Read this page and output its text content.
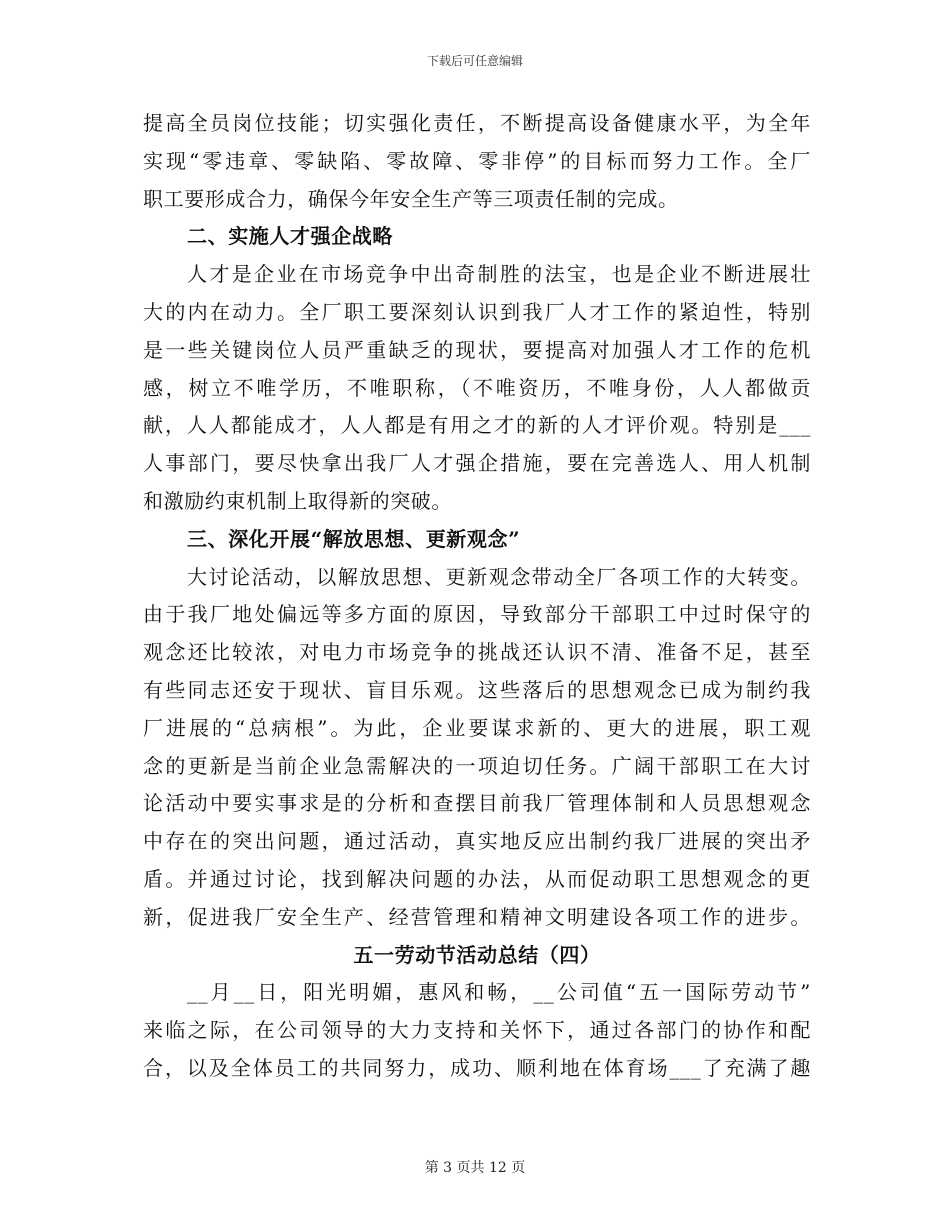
下载后可任意编辑
提高全员岗位技能；切实强化责任，不断提高设备健康水平，为全年
实现“零违章、零缺陷、零故障、零非停”的目标而努力工作。全厂
职工要形成合力，确保今年安全生产等三项责任制的完成。
二、实施人才强企战略
人才是企业在市场竞争中出奇制胜的法宝，也是企业不断进展壮
大的内在动力。全厂职工要深刻认识到我厂人才工作的紧迫性，特别
是一些关键岗位人员严重缺乏的现状，要提高对加强人才工作的危机
感，树立不唯学历，不唯职称，（不唯资历，不唯身份，人人都做贡
献，人人都能成才，人人都是有用之才的新的人才评价观。特别是___
人事部门，要尽快拿出我厂人才强企措施，要在完善选人、用人机制
和激励约束机制上取得新的突破。
三、深化开展“解放思想、更新观念”
大讨论活动，以解放思想、更新观念带动全厂各项工作的大转变。
由于我厂地处偏远等多方面的原因，导致部分干部职工中过时保守的
观念还比较浓，对电力市场竞争的挑战还认识不清、准备不足，甚至
有些同志还安于现状、盲目乐观。这些落后的思想观念已成为制约我
厂进展的“总病根”。为此，企业要谋求新的、更大的进展，职工观
念的更新是当前企业急需解决的一项迫切任务。广阔干部职工在大讨
论活动中要实事求是的分析和查摆目前我厂管理体制和人员思想观念
中存在的突出问题，通过活动，真实地反应出制约我厂进展的突出矛
盾。并通过讨论，找到解决问题的办法，从而促动职工思想观念的更
新，促进我厂安全生产、经营管理和精神文明建设各项工作的进步。
五一劳动节活动总结（四）
__月__日，阳光明媚，惠风和畅，__公司值“五一国际劳动节”
来临之际，在公司领导的大力支持和关怀下，通过各部门的协作和配
合，以及全体员工的共同努力，成功、顺利地在体育场___了充满了趣
第 3 页共 12 页
